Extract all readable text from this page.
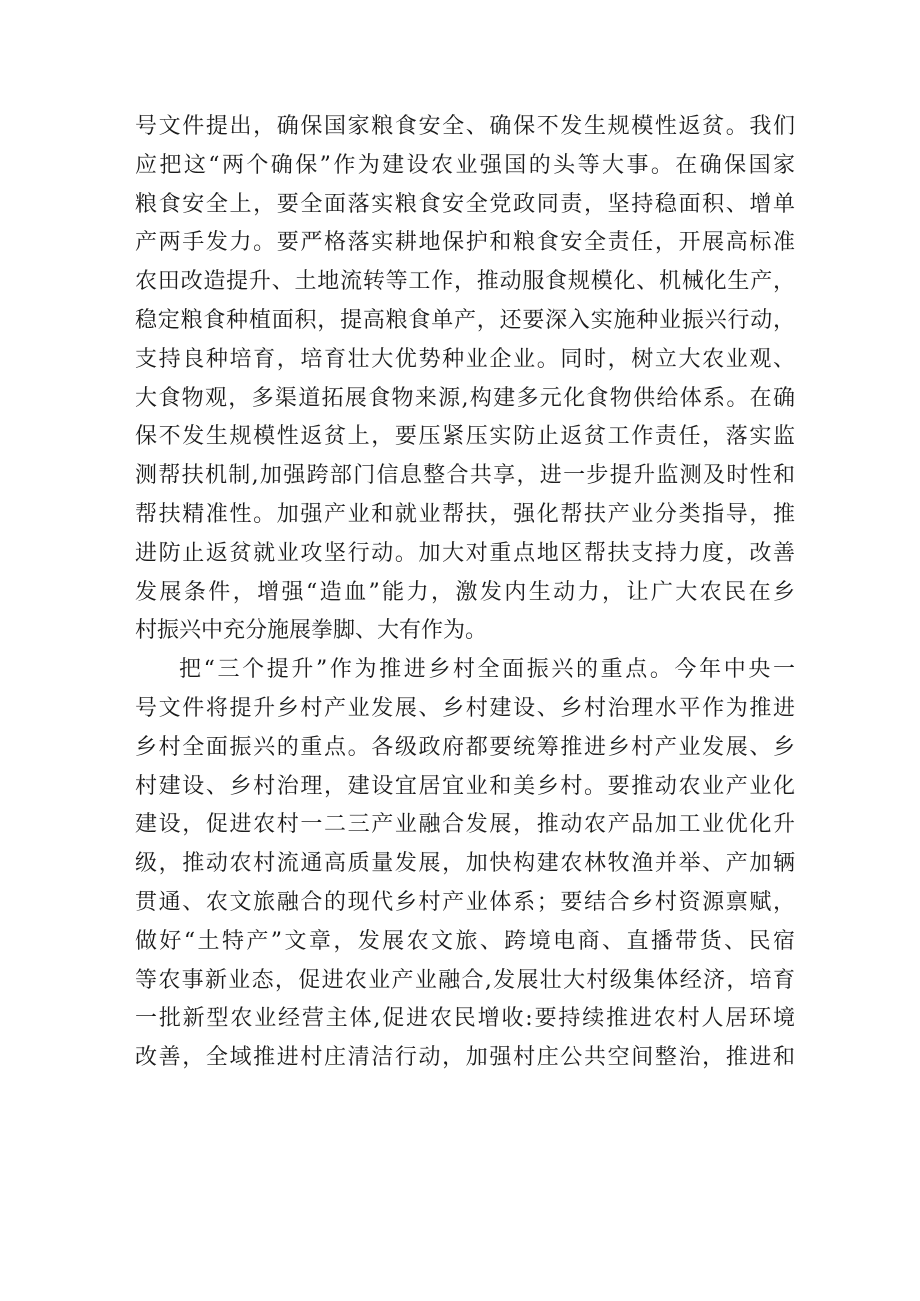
号文件提出，确保国家粮食安全、确保不发生规模性返贫。我们
应把这“两个确保”作为建设农业强国的头等大事。在确保国家
粮食安全上，要全面落实粮食安全党政同责，坚持稳面积、增单
产两手发力。要严格落实耕地保护和粮食安全责任，开展高标准
农田改造提升、土地流转等工作，推动服食规模化、机械化生产，
稳定粮食种植面积，提高粮食单产，还要深入实施种业振兴行动，
支持良种培育，培育壮大优势种业企业。同时，树立大农业观、
大食物观，多渠道拓展食物来源,构建多元化食物供给体系。在确
保不发生规模性返贫上，要压紧压实防止返贫工作责任，落实监
测帮扶机制,加强跨部门信息整合共享，进一步提升监测及时性和
帮扶精准性。加强产业和就业帮扶，强化帮扶产业分类指导，推
进防止返贫就业攻坚行动。加大对重点地区帮扶支持力度，改善
发展条件，增强“造血”能力，激发内生动力，让广大农民在乡
村振兴中充分施展拳脚、大有作为。
把“三个提升”作为推进乡村全面振兴的重点。今年中央一
号文件将提升乡村产业发展、乡村建设、乡村治理水平作为推进
乡村全面振兴的重点。各级政府都要统筹推进乡村产业发展、乡
村建设、乡村治理，建设宜居宜业和美乡村。要推动农业产业化
建设，促进农村一二三产业融合发展，推动农产品加工业优化升
级，推动农村流通高质量发展，加快构建农林牧渔并举、产加辆
贯通、农文旅融合的现代乡村产业体系；要结合乡村资源禀赋，
做好“土特产”文章，发展农文旅、跨境电商、直播带货、民宿
等农事新业态，促进农业产业融合,发展壮大村级集体经济，培育
一批新型农业经营主体,促进农民增收:要持续推进农村人居环境
改善，全域推进村庄清洁行动，加强村庄公共空间整治，推进和
